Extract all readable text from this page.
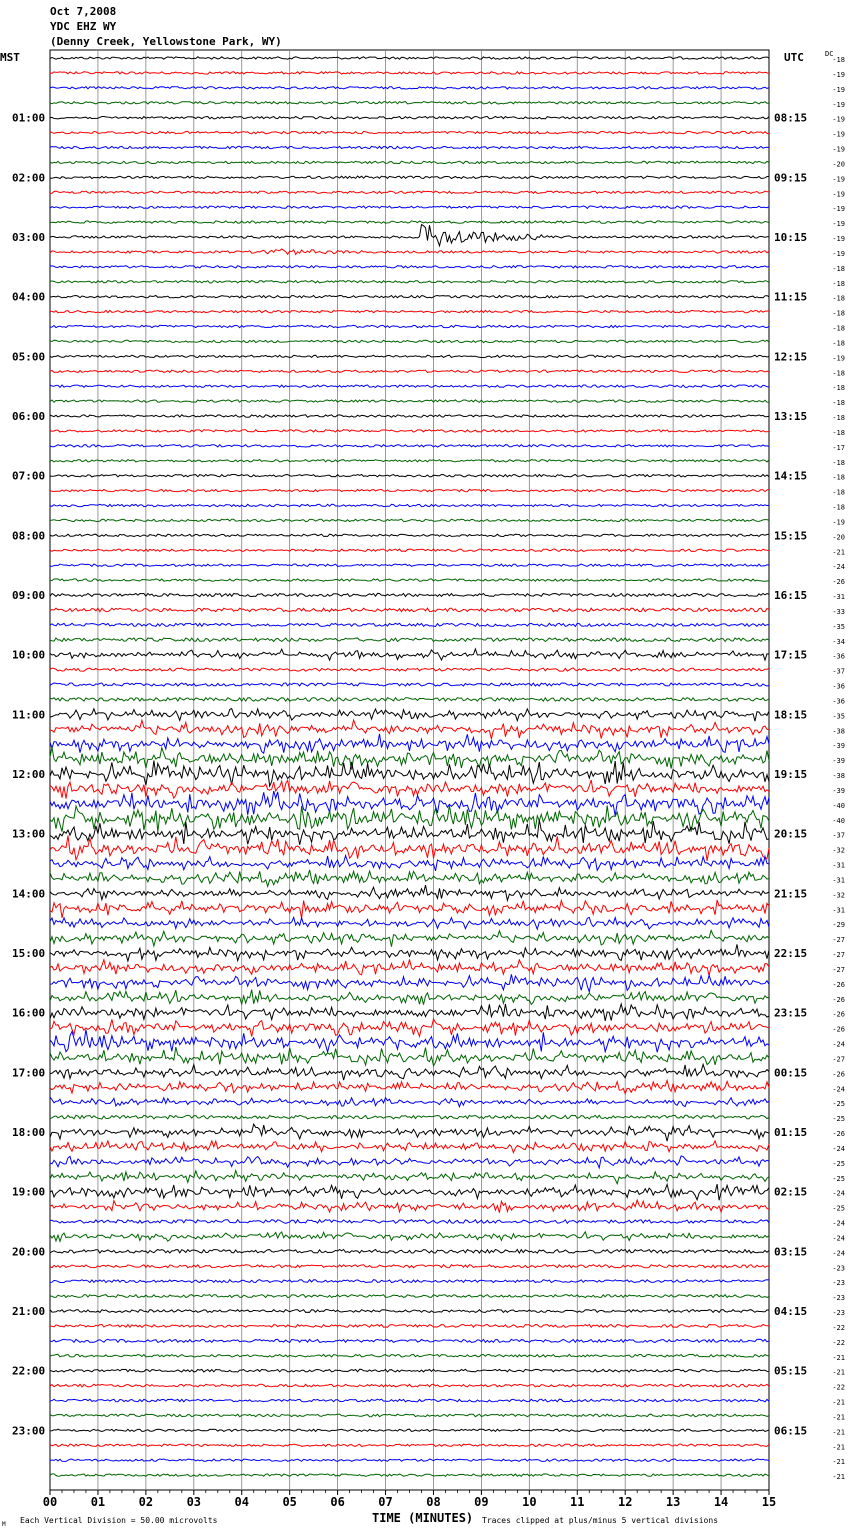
Oct 7,2008
YDC EHZ WY
(Denny Creek, Yellowstone Park, WY)
00	01	02	03	04	05	06	07	08	09	10	11	12	13	14	15
-18
-19
-19
-19
-19
-19
-19
-20
-19
-19
-19
-19
-19
-19
-18
-18
-18
-18
-18
-18
-19
-18
-18
-18
-18
-18
-17
-18
-18
-18
-18
-19
-20
-21
-24
-26
-31
-33
-35
-34
-36
-37
-36
-36
-35
-38
-39
-39
-38
-39
-40
-40
-37
-32
-31
-31
-32
-31
-29
-27
-27
-27
-26
-26
-26
-26
-24
-27
-26
-24
-25
-25
-26
-24
-25
-25
-24
-25
-24
-24
-24
-23
-23
-23
-23
-22
-22
-21
-21
-22
-21
-21
-21
-21
-21
-21
01:00
02:00
03:00
04:00
05:00
06:00
07:00
08:00
09:00
10:00
11:00
12:00
13:00
14:00
15:00
16:00
17:00
18:00
19:00
20:00
21:00
22:00
23:00
08:15
09:15
10:15
11:15
12:15
13:15
14:15
15:15
16:15
17:15
18:15
19:15
20:15
21:15
22:15
23:15
00:15
01:15
02:15
03:15
04:15
05:15
06:15
MST	UTC	DC
TIME (MINUTES)
Each Vertical Division = 50.00 microvolts	Traces clipped at plus/minus 5 vertical divisions
M
